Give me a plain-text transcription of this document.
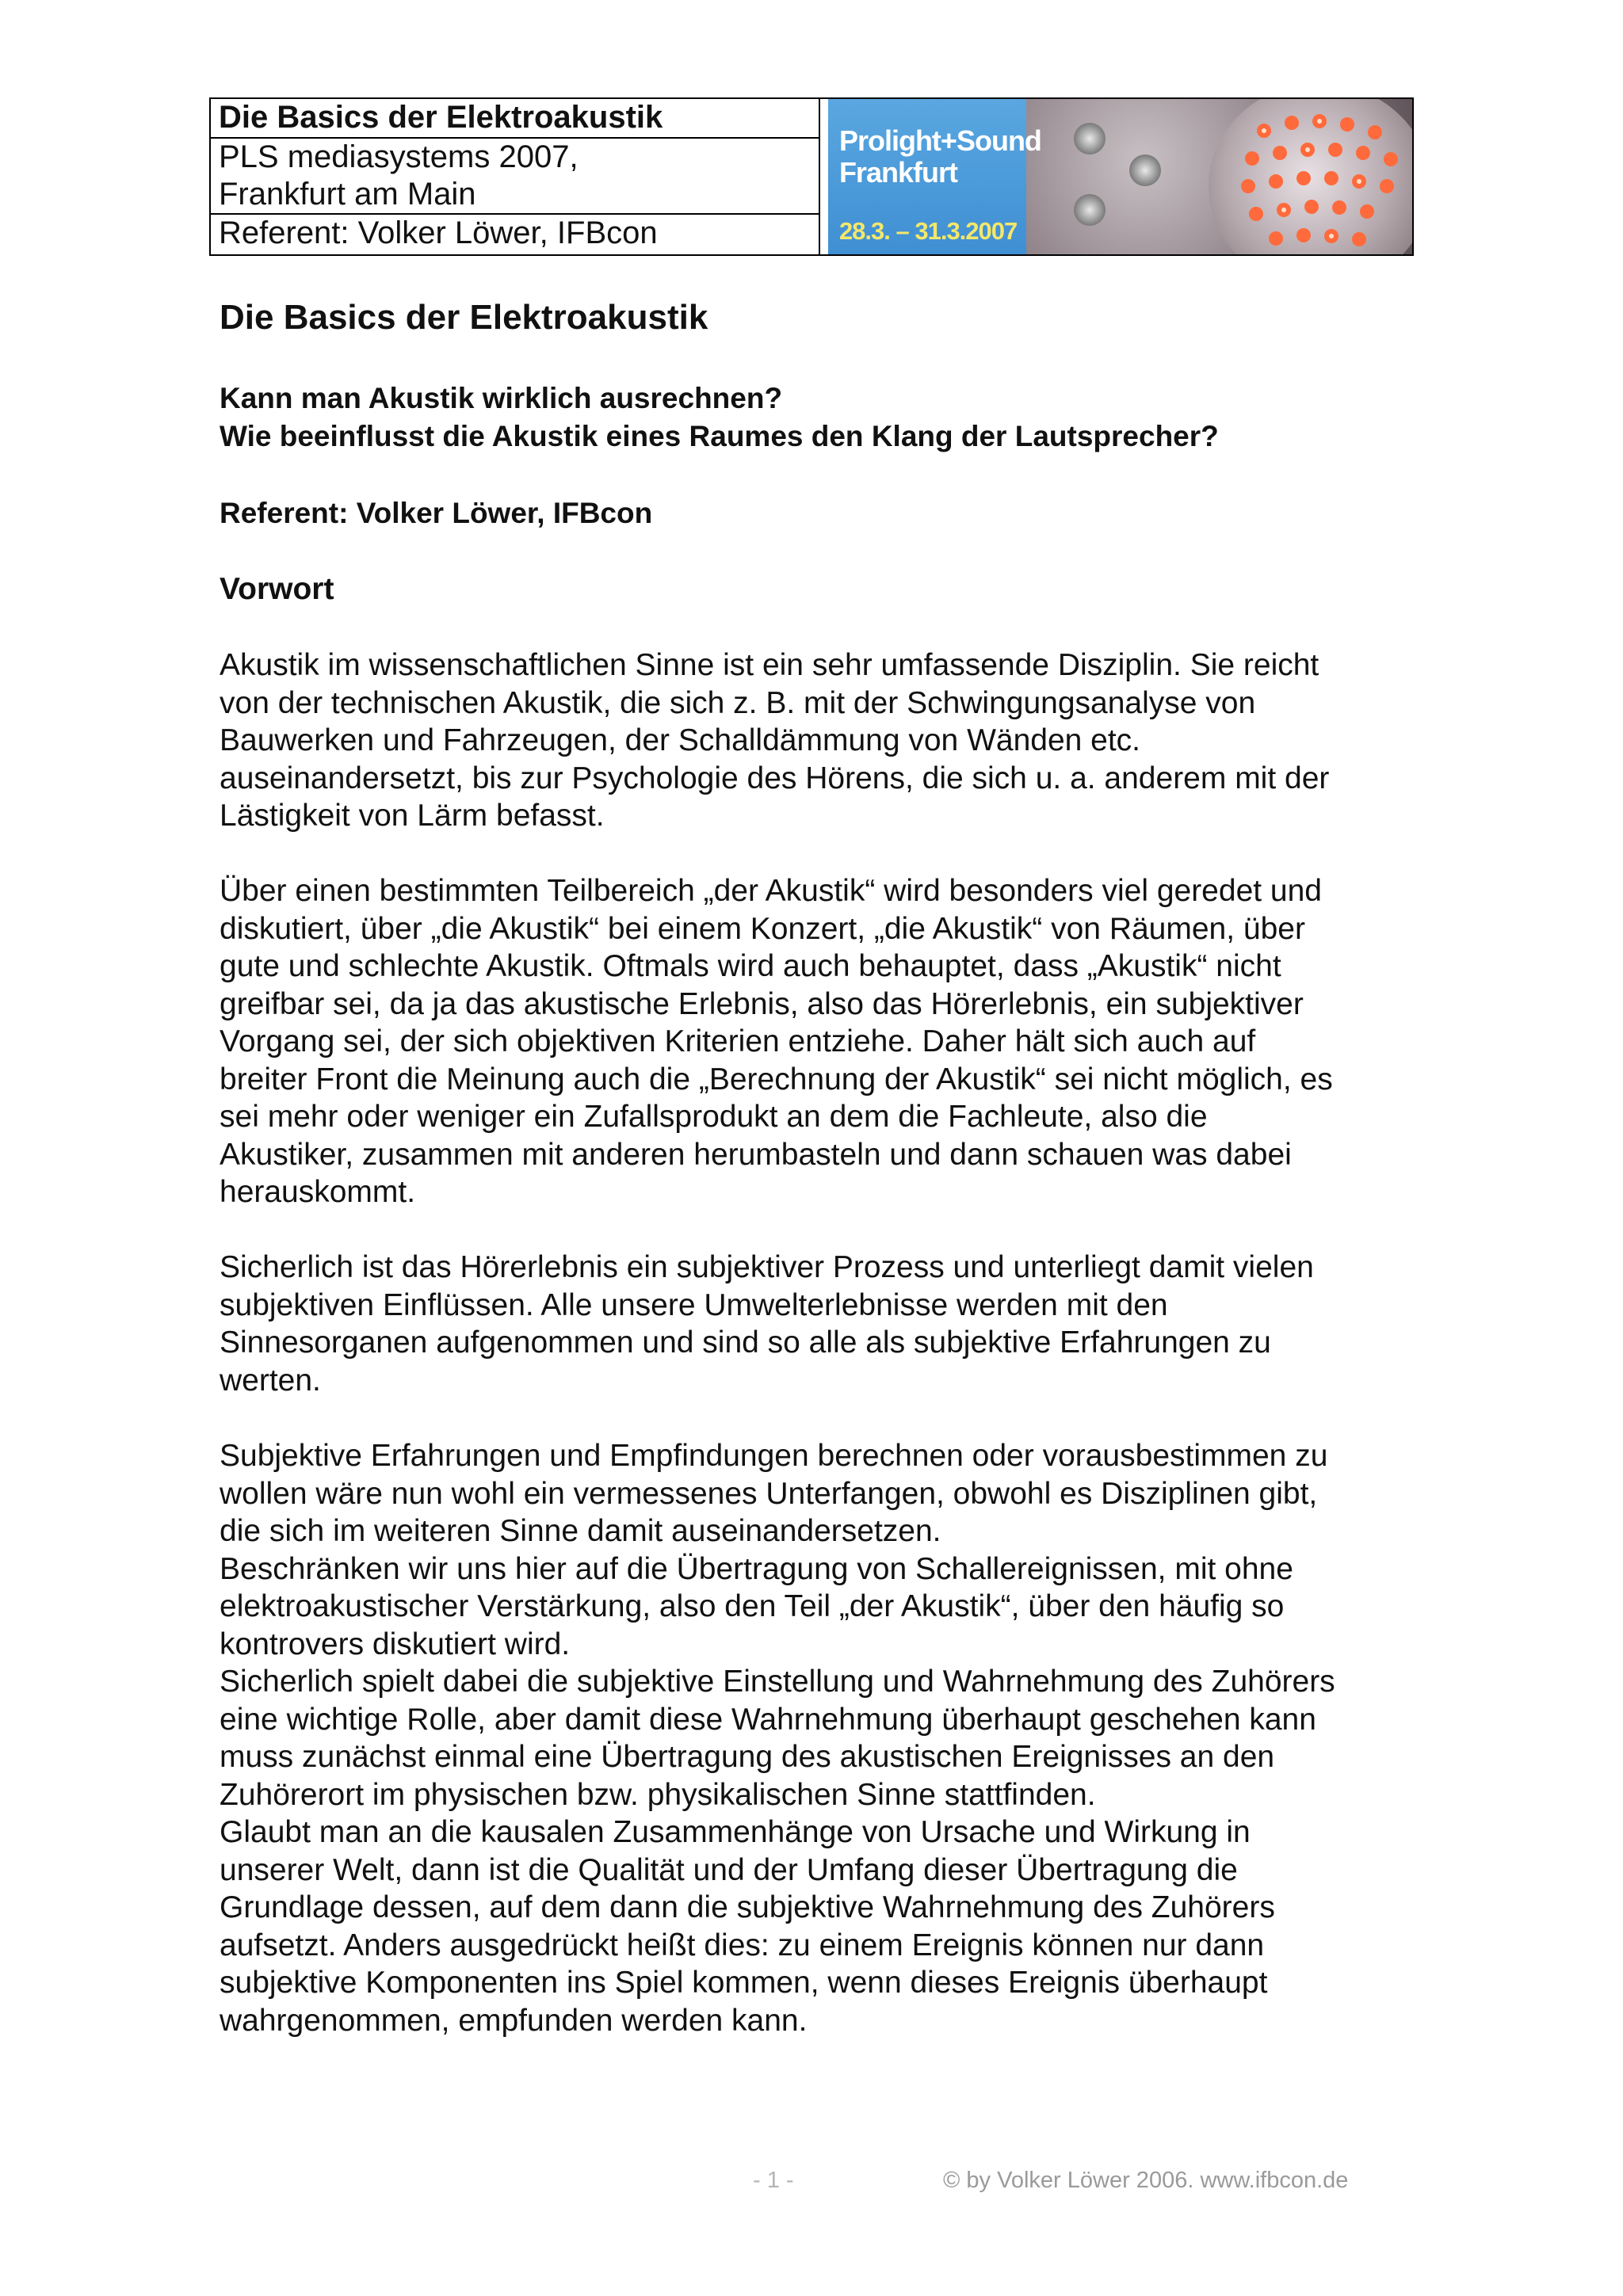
Die Basics der Elektroakustik
PLS mediasystems 2007,
Frankfurt am Main
Referent: Volker Löwer, IFBcon
Prolight+Sound
Frankfurt
28.3. – 31.3.2007
Die Basics der Elektroakustik
Kann man Akustik wirklich ausrechnen?
Wie beeinflusst die Akustik eines Raumes den Klang der Lautsprecher?
Referent: Volker Löwer, IFBcon
Vorwort

Akustik im wissenschaftlichen Sinne ist ein sehr umfassende Disziplin. Sie reicht

von der technischen Akustik, die sich z. B. mit der Schwingungsanalyse von

Bauwerken und Fahrzeugen, der Schalldämmung von Wänden etc.

auseinandersetzt, bis zur Psychologie des Hörens, die sich u. a. anderem mit der

Lästigkeit von Lärm befasst.

Über einen bestimmten Teilbereich „der Akustik“ wird besonders viel geredet und

diskutiert, über „die Akustik“ bei einem Konzert, „die Akustik“ von Räumen, über

gute und schlechte Akustik. Oftmals wird auch behauptet, dass „Akustik“ nicht

greifbar sei, da ja das akustische Erlebnis, also das Hörerlebnis, ein subjektiver

Vorgang sei, der sich objektiven Kriterien entziehe. Daher hält sich auch auf

breiter Front die Meinung auch die „Berechnung der Akustik“ sei nicht möglich, es

sei mehr oder weniger ein Zufallsprodukt an dem die Fachleute, also die

Akustiker, zusammen mit anderen herumbasteln und dann schauen was dabei

herauskommt.

Sicherlich ist das Hörerlebnis ein subjektiver Prozess und unterliegt damit vielen

subjektiven Einflüssen. Alle unsere Umwelterlebnisse werden mit den

Sinnesorganen aufgenommen und sind so alle als subjektive Erfahrungen zu

werten.

Subjektive Erfahrungen und Empfindungen berechnen oder vorausbestimmen zu

wollen wäre nun wohl ein vermessenes Unterfangen, obwohl es Disziplinen gibt,

die sich im weiteren Sinne damit auseinandersetzen.

Beschränken wir uns hier auf die Übertragung von Schallereignissen, mit ohne

elektroakustischer Verstärkung, also den Teil „der Akustik“, über den häufig so

kontrovers diskutiert wird.

Sicherlich spielt dabei die subjektive Einstellung und Wahrnehmung des Zuhörers

eine wichtige Rolle, aber damit diese Wahrnehmung überhaupt geschehen kann

muss zunächst einmal eine Übertragung des akustischen Ereignisses an den

Zuhörerort im physischen bzw. physikalischen Sinne stattfinden.

Glaubt man an die kausalen Zusammenhänge von Ursache und Wirkung in

unserer Welt, dann ist die Qualität und der Umfang dieser Übertragung die

Grundlage dessen, auf dem dann die subjektive Wahrnehmung des Zuhörers

aufsetzt. Anders ausgedrückt heißt dies: zu einem Ereignis können nur dann

subjektive Komponenten ins Spiel kommen, wenn dieses Ereignis überhaupt

wahrgenommen, empfunden werden kann.

- 1 -	© by Volker Löwer 2006. www.ifbcon.de
